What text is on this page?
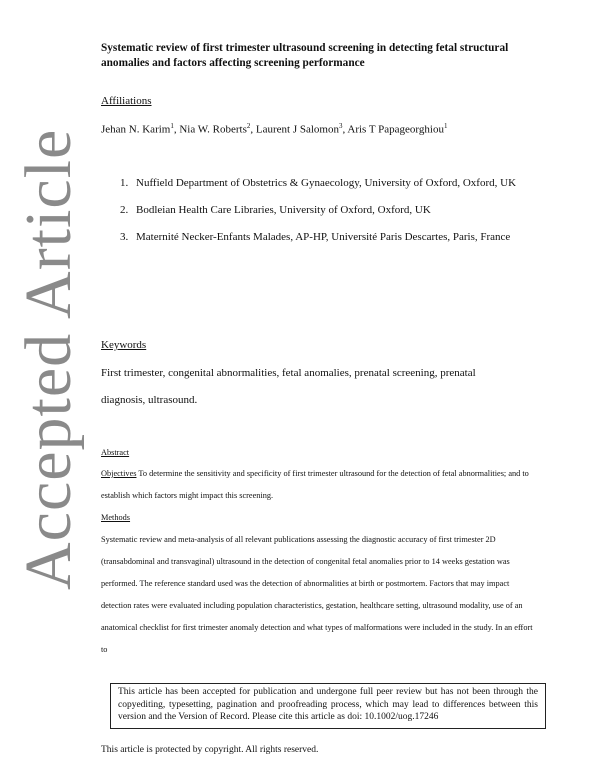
Accepted Article
Systematic review of first trimester ultrasound screening in detecting fetal structural anomalies and factors affecting screening performance
Affiliations
Jehan N. Karim$^1$, Nia W. Roberts$^2$, Laurent J Salomon$^3$, Aris T Papageorghiou$^1$
1. Nuffield Department of Obstetrics & Gynaecology, University of Oxford, Oxford, UK
2. Bodleian Health Care Libraries, University of Oxford, Oxford, UK
3. Maternité Necker-Enfants Malades, AP-HP, Université Paris Descartes, Paris, France
Keywords
First trimester, congenital abnormalities, fetal anomalies, prenatal screening, prenatal diagnosis, ultrasound.
Abstract

Objectives To determine the sensitivity and specificity of first trimester ultrasound for the detection of fetal abnormalities; and to establish which factors might impact this screening.

Methods

Systematic review and meta-analysis of all relevant publications assessing the diagnostic accuracy of first trimester 2D (transabdominal and transvaginal) ultrasound in the detection of congenital fetal anomalies prior to 14 weeks gestation was performed. The reference standard used was the detection of abnormalities at birth or postmortem. Factors that may impact detection rates were evaluated including population characteristics, gestation, healthcare setting, ultrasound modality, use of an anatomical checklist for first trimester anomaly detection and what types of malformations were included in the study. In an effort to

This article has been accepted for publication and undergone full peer review but has not been through the copyediting, typesetting, pagination and proofreading process, which may lead to differences between this version and the Version of Record. Please cite this article as doi: 10.1002/uog.17246
This article is protected by copyright. All rights reserved.
